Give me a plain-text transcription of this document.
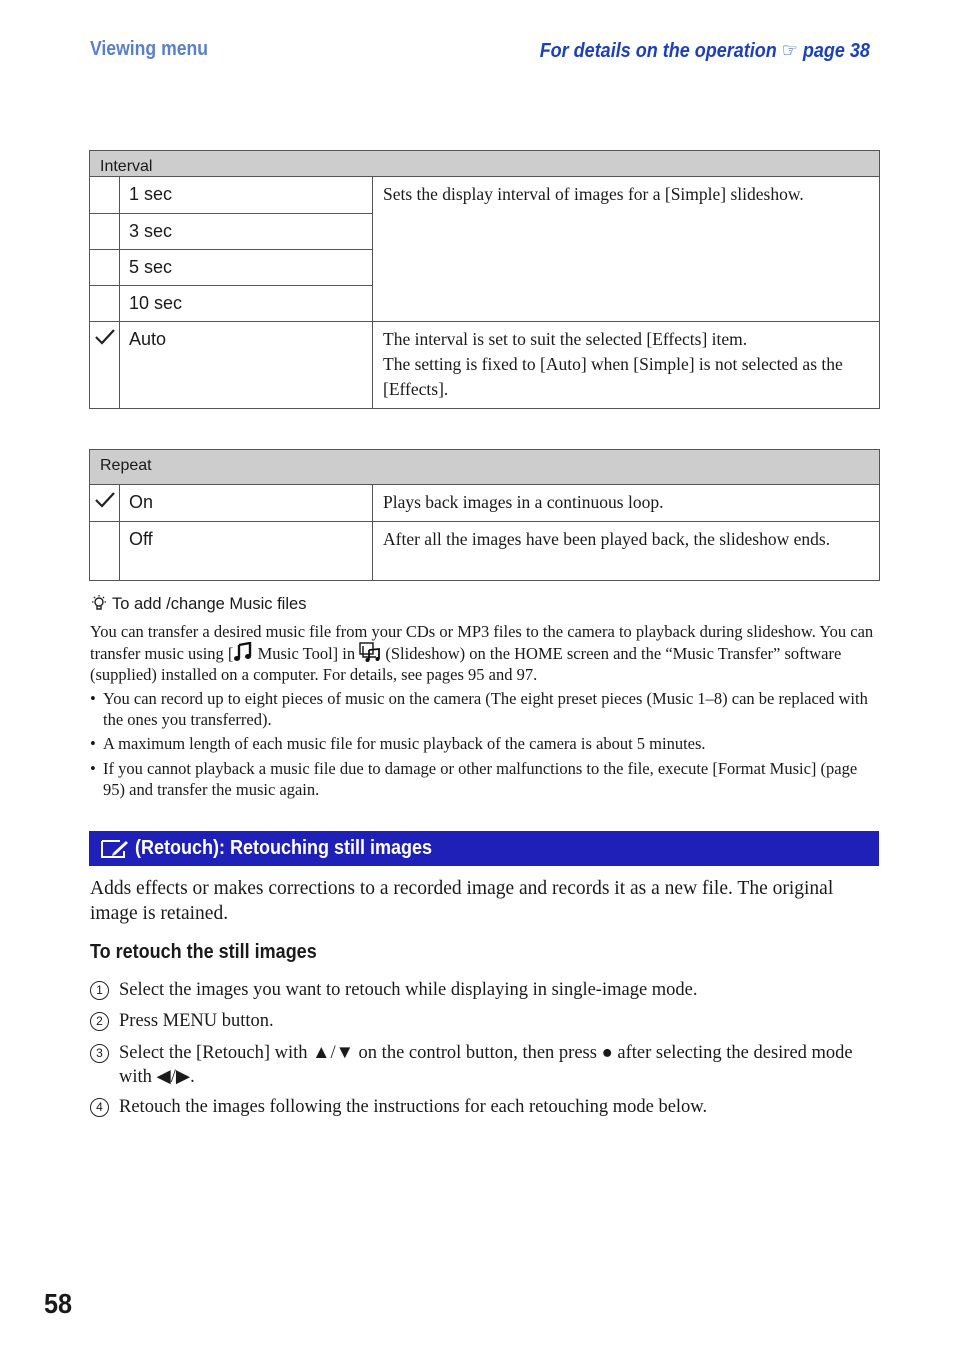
Viewing menu	For details on the operation ☞ page 38
Interval		
	1 sec	Sets the display interval of images for a [Simple] slideshow.
	3 sec	
	5 sec	
	10 sec	
	Auto	The interval is set to suit the selected [Effects] item.
The setting is fixed to [Auto] when [Simple] is not selected as the [Effects].
Repeat		
	On	Plays back images in a continuous loop.
	Off	After all the images have been played back, the slideshow ends.
To add /change Music files
You can transfer a desired music file from your CDs or MP3 files to the camera to playback during slideshow. You can transfer music using [ Music Tool] in  (Slideshow) on the HOME screen and the “Music Transfer” software (supplied) installed on a computer. For details, see pages 95 and 97.
• You can record up to eight pieces of music on the camera (The eight preset pieces (Music 1–8) can be replaced with the ones you transferred).
• A maximum length of each music file for music playback of the camera is about 5 minutes.
• If you cannot playback a music file due to damage or other malfunctions to the file, execute [Format Music] (page 95) and transfer the music again.
(Retouch): Retouching still images
Adds effects or makes corrections to a recorded image and records it as a new file. The original image is retained.
To retouch the still images
1 Select the images you want to retouch while displaying in single-image mode.
2 Press MENU button.
3 Select the [Retouch] with ▲/▼ on the control button, then press ● after selecting the desired mode with ◀/▶.
4 Retouch the images following the instructions for each retouching mode below.
58
